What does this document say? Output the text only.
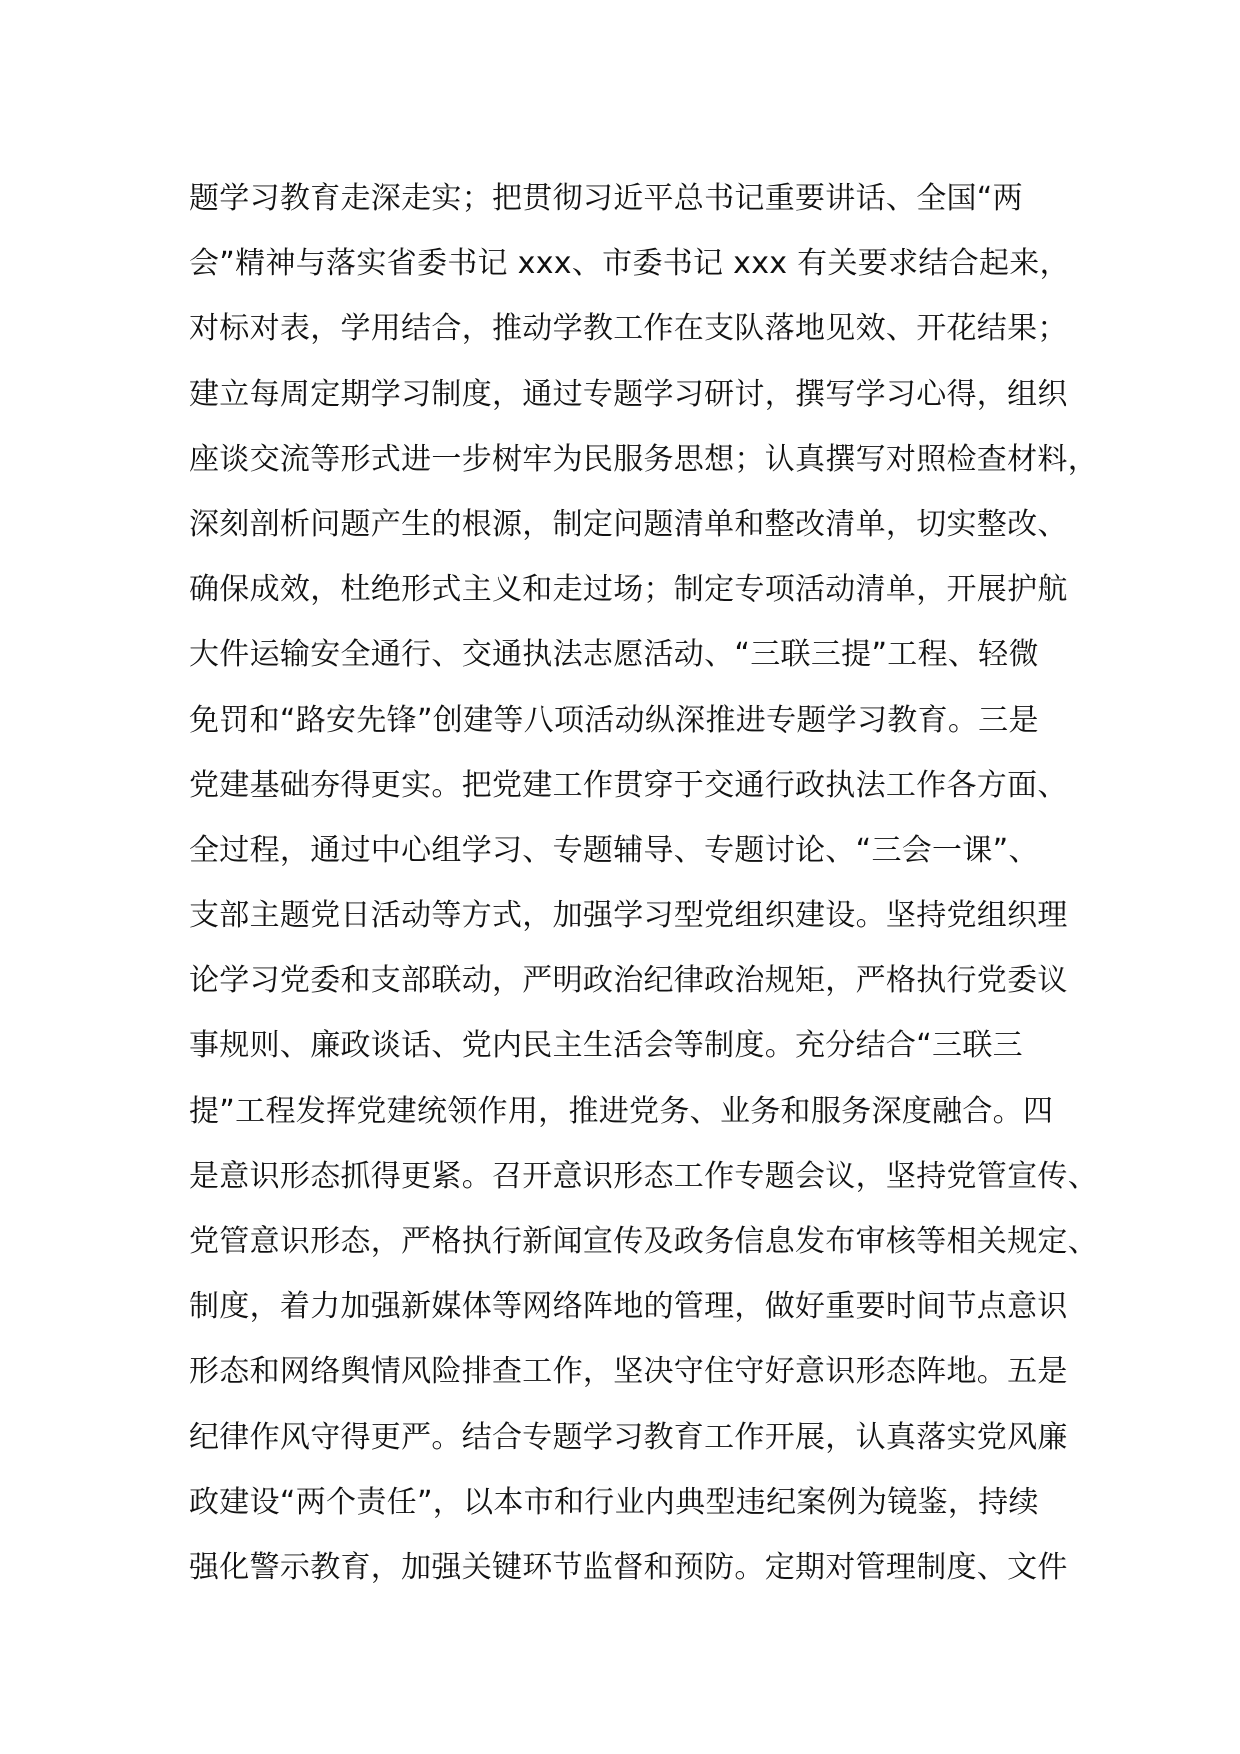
题学习教育走深走实；把贯彻习近平总书记重要讲话、全国“两
会”精神与落实省委书记 xxx、市委书记 xxx 有关要求结合起来，
对标对表，学用结合，推动学教工作在支队落地见效、开花结果；
建立每周定期学习制度，通过专题学习研讨，撰写学习心得，组织
座谈交流等形式进一步树牢为民服务思想；认真撰写对照检查材料，
深刻剖析问题产生的根源，制定问题清单和整改清单，切实整改、
确保成效，杜绝形式主义和走过场；制定专项活动清单，开展护航
大件运输安全通行、交通执法志愿活动、“三联三提”工程、轻微
免罚和“路安先锋”创建等八项活动纵深推进专题学习教育。三是
党建基础夯得更实。把党建工作贯穿于交通行政执法工作各方面、
全过程，通过中心组学习、专题辅导、专题讨论、“三会一课”、
支部主题党日活动等方式，加强学习型党组织建设。坚持党组织理
论学习党委和支部联动，严明政治纪律政治规矩，严格执行党委议
事规则、廉政谈话、党内民主生活会等制度。充分结合“三联三
提”工程发挥党建统领作用，推进党务、业务和服务深度融合。四
是意识形态抓得更紧。召开意识形态工作专题会议，坚持党管宣传、
党管意识形态，严格执行新闻宣传及政务信息发布审核等相关规定、
制度，着力加强新媒体等网络阵地的管理，做好重要时间节点意识
形态和网络舆情风险排查工作，坚决守住守好意识形态阵地。五是
纪律作风守得更严。结合专题学习教育工作开展，认真落实党风廉
政建设“两个责任”，以本市和行业内典型违纪案例为镜鉴，持续
强化警示教育，加强关键环节监督和预防。定期对管理制度、文件
